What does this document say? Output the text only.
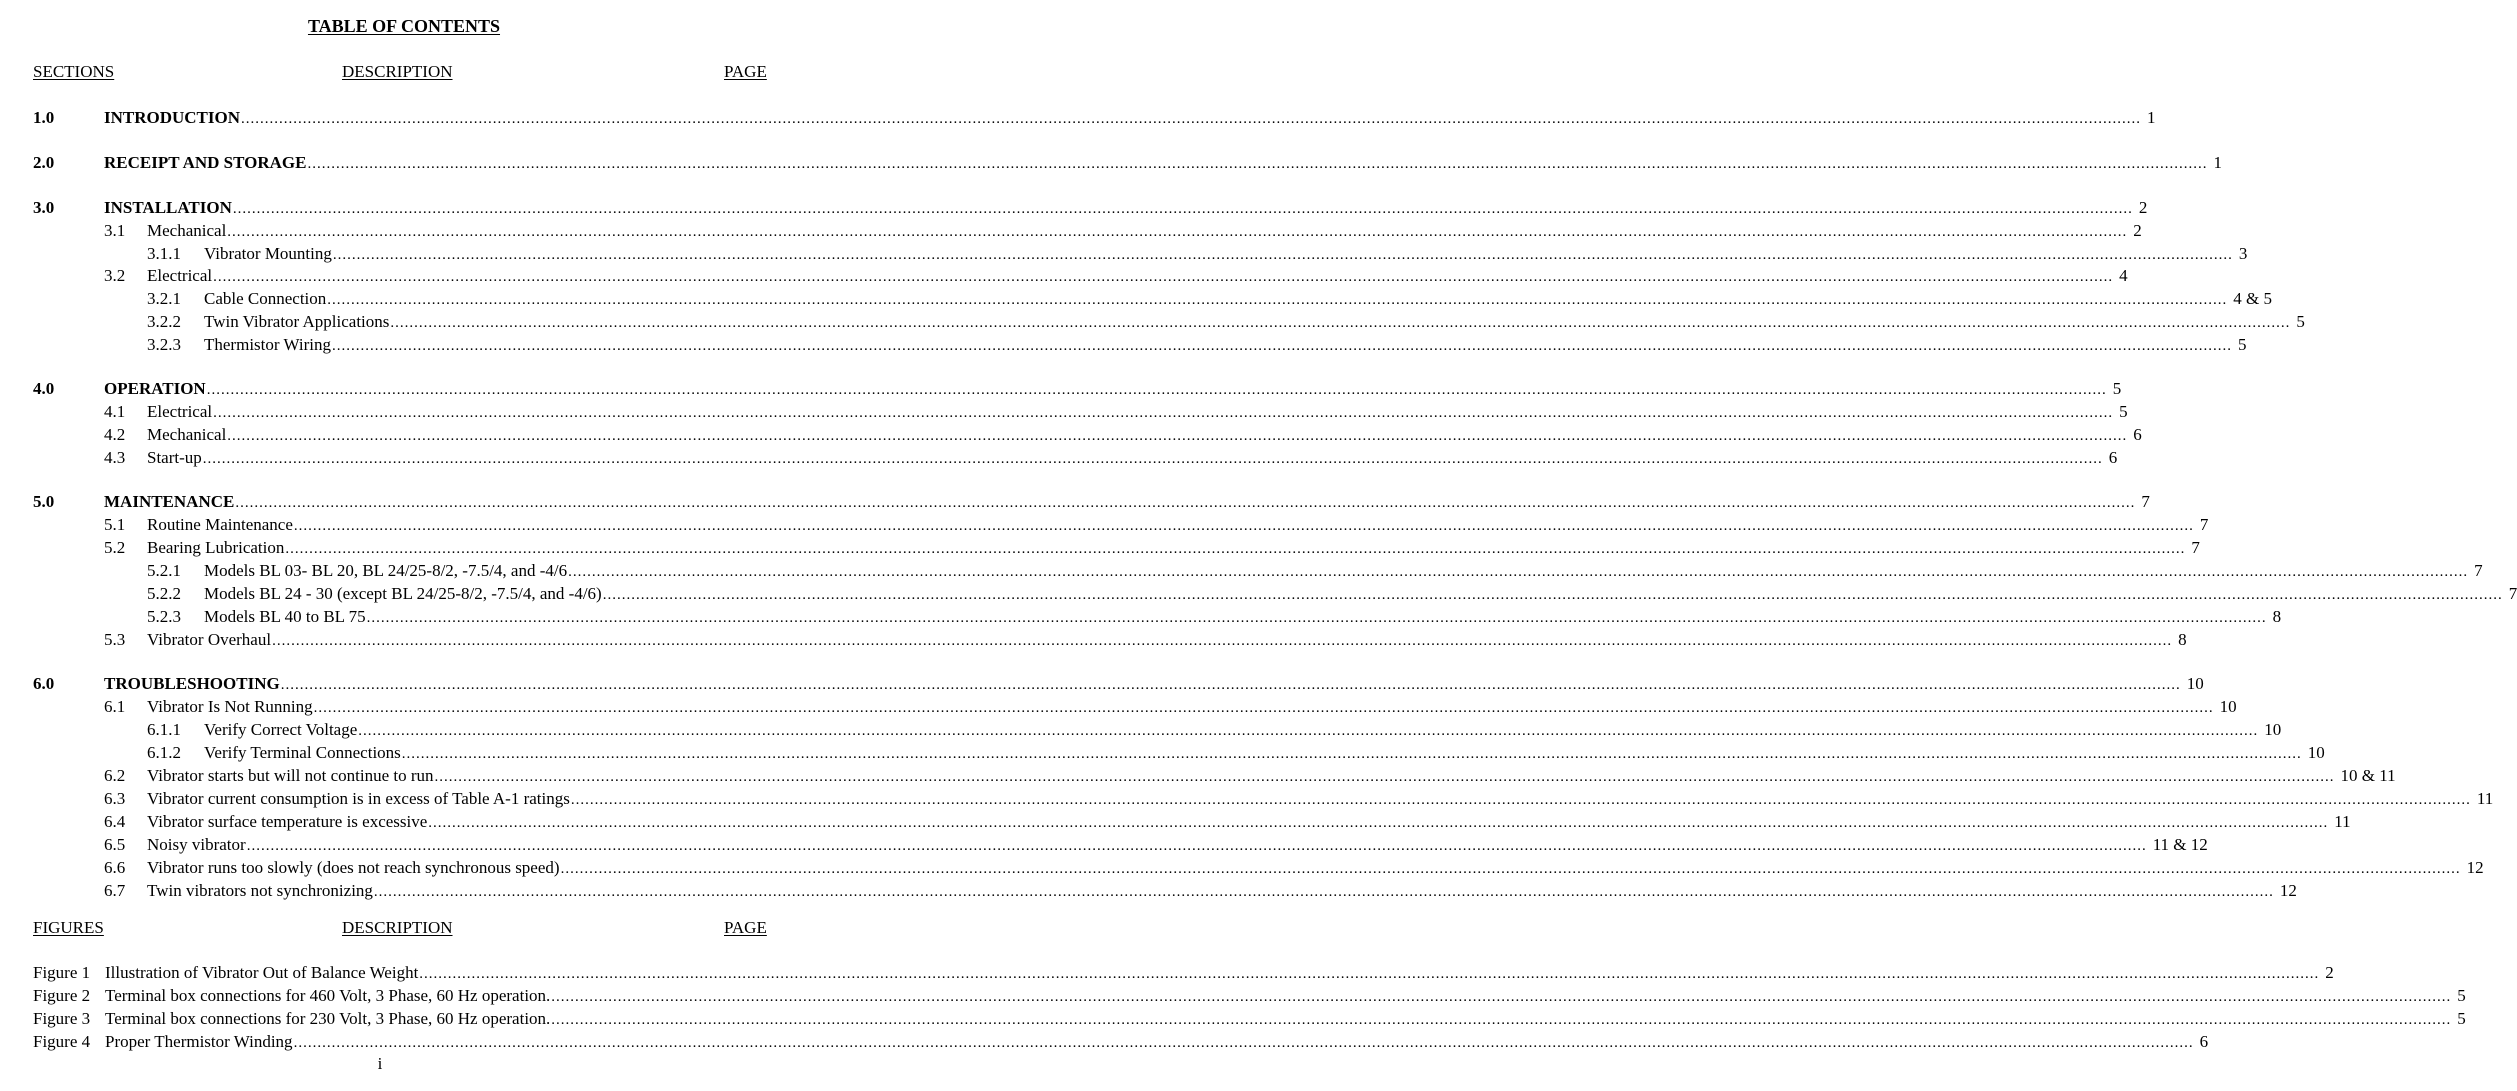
TABLE OF CONTENTS
SECTIONS	DESCRIPTION	PAGE
1.0	INTRODUCTION ................................................................................................................................................................................................................................................................................................................................................................................................................ 1
2.0	RECEIPT AND STORAGE ................................................................................................................................................................................................................................................................................................................................................................................................................ 1
3.0	INSTALLATION ................................................................................................................................................................................................................................................................................................................................................................................................................ 2
3.1 Mechanical ................................................................................................................................................................................................................................................................................................................................................................................................................ 2
3.1.1 Vibrator Mounting ................................................................................................................................................................................................................................................................................................................................................................................................................ 3
3.2 Electrical ................................................................................................................................................................................................................................................................................................................................................................................................................ 4
3.2.1 Cable Connection ................................................................................................................................................................................................................................................................................................................................................................................................................ 4 & 5
3.2.2 Twin Vibrator Applications ................................................................................................................................................................................................................................................................................................................................................................................................................ 5
3.2.3 Thermistor Wiring ................................................................................................................................................................................................................................................................................................................................................................................................................ 5
4.0	OPERATION ................................................................................................................................................................................................................................................................................................................................................................................................................ 5
4.1 Electrical ................................................................................................................................................................................................................................................................................................................................................................................................................ 5
4.2 Mechanical ................................................................................................................................................................................................................................................................................................................................................................................................................ 6
4.3 Start-up ................................................................................................................................................................................................................................................................................................................................................................................................................ 6
5.0	MAINTENANCE ................................................................................................................................................................................................................................................................................................................................................................................................................ 7
5.1 Routine Maintenance ................................................................................................................................................................................................................................................................................................................................................................................................................ 7
5.2 Bearing Lubrication ................................................................................................................................................................................................................................................................................................................................................................................................................ 7
5.2.1 Models BL 03- BL 20, BL 24/25-8/2, -7.5/4, and -4/6 ................................................................................................................................................................................................................................................................................................................................................................................................................ 7
5.2.2 Models BL 24 - 30 (except BL 24/25-8/2, -7.5/4, and -4/6) ................................................................................................................................................................................................................................................................................................................................................................................................................ 7
5.2.3 Models BL 40 to BL 75 ................................................................................................................................................................................................................................................................................................................................................................................................................ 8
5.3 Vibrator Overhaul ................................................................................................................................................................................................................................................................................................................................................................................................................ 8
6.0	TROUBLESHOOTING ................................................................................................................................................................................................................................................................................................................................................................................................................ 10
6.1 Vibrator Is Not Running ................................................................................................................................................................................................................................................................................................................................................................................................................ 10
6.1.1 Verify Correct Voltage ................................................................................................................................................................................................................................................................................................................................................................................................................ 10
6.1.2 Verify Terminal Connections ................................................................................................................................................................................................................................................................................................................................................................................................................ 10
6.2 Vibrator starts but will not continue to run ................................................................................................................................................................................................................................................................................................................................................................................................................ 10 & 11
6.3 Vibrator current consumption is in excess of Table A-1 ratings ................................................................................................................................................................................................................................................................................................................................................................................................................ 11
6.4 Vibrator surface temperature is excessive ................................................................................................................................................................................................................................................................................................................................................................................................................ 11
6.5 Noisy vibrator ................................................................................................................................................................................................................................................................................................................................................................................................................ 11 & 12
6.6 Vibrator runs too slowly (does not reach synchronous speed) ................................................................................................................................................................................................................................................................................................................................................................................................................ 12
6.7 Twin vibrators not synchronizing ................................................................................................................................................................................................................................................................................................................................................................................................................ 12
FIGURES	DESCRIPTION	PAGE
Figure 1 Illustration of Vibrator Out of Balance Weight ................................................................................................................................................................................................................................................................................................................................................................................................................ 2
Figure 2 Terminal box connections for 460 Volt, 3 Phase, 60 Hz operation. ................................................................................................................................................................................................................................................................................................................................................................................................................ 5
Figure 3 Terminal box connections for 230 Volt, 3 Phase, 60 Hz operation. ................................................................................................................................................................................................................................................................................................................................................................................................................ 5
Figure 4 Proper Thermistor Winding ................................................................................................................................................................................................................................................................................................................................................................................................................ 6
i
